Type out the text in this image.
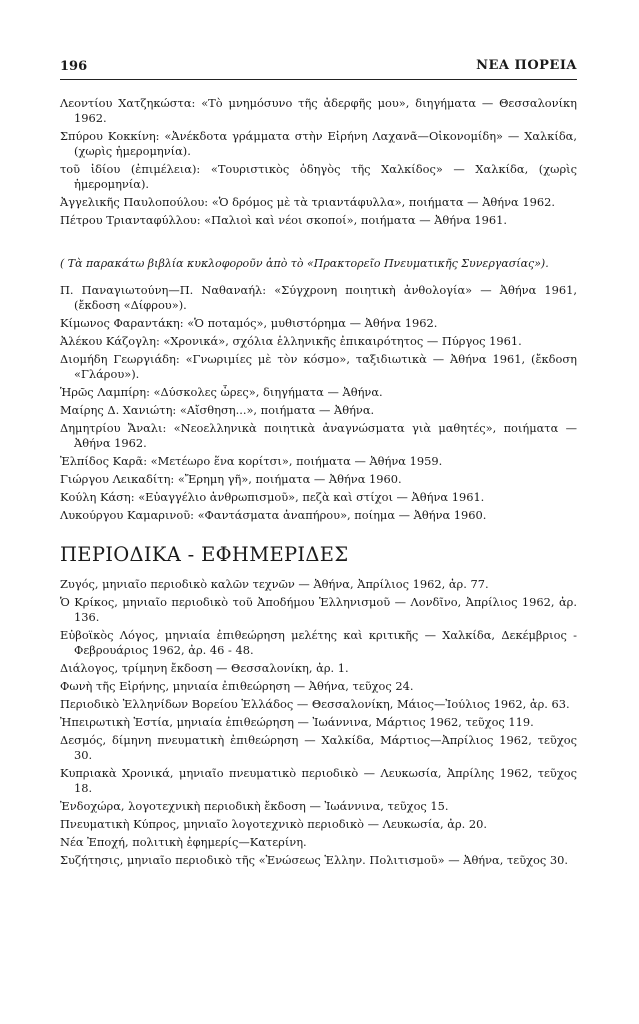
196	ΝΕΑ ΠΟΡΕΙΑ

Λεοντίου Χατζηκώστα: «Τὸ μνημόσυνο τῆς ἀδερφῆς μου», διηγήματα — Θεσσαλονίκη 1962.

Σπύρου Κοκκίνη: «Ἀνέκδοτα γράμματα στὴν Εἰρήνη Λαχανᾶ—Οἰκονομίδη» — Χαλκίδα, (χωρὶς ἡμερομηνία).

τοῦ ἰδίου (ἐπιμέλεια): «Τουριστικὸς ὁδηγὸς τῆς Χαλκίδος» — Χαλκίδα, (χωρὶς ἡμερομηνία).

Ἀγγελικῆς Παυλοπούλου: «Ὁ δρόμος μὲ τὰ τριαντάφυλλα», ποιήματα — Ἀθήνα 1962.

Πέτρου Τριανταφύλλου: «Παλιοὶ καὶ νέοι σκοποί», ποιήματα — Ἀθήνα 1961.

( Τὰ παρακάτω βιβλία κυκλοφοροῦν ἀπὸ τὸ «Πρακτορεῖο Πνευματικῆς Συνεργασίας»).

Π. Παναγιωτούνη—Π. Ναθαναήλ: «Σύγχρονη ποιητικὴ ἀνθολογία» — Ἀθήνα 1961, (ἔκδοση «Δίφρου»).

Κίμωνος Φαραντάκη: «Ὁ ποταμός», μυθιστόρημα — Ἀθήνα 1962.

Ἀλέκου Κάζογλη: «Χρονικά», σχόλια ἑλληνικῆς ἐπικαιρότητος — Πύργος 1961.

Διομήδη Γεωργιάδη: «Γνωριμίες μὲ τὸν κόσμο», ταξιδιωτικὰ — Ἀθήνα 1961, (ἔκδοση «Γλάρου»).

Ἡρῶς Λαμπίρη: «Δύσκολες ὧρες», διηγήματα — Ἀθήνα.

Μαίρης Δ. Χανιώτη: «Αἴσθηση...», ποιήματα — Ἀθήνα.

Δημητρίου Ἄναλι: «Νεοελληνικὰ ποιητικὰ ἀναγνώσματα γιὰ μαθητές», ποιήματα — Ἀθήνα 1962.

Ἐλπίδος Καρᾶ: «Μετέωρο ἕνα κορίτσι», ποιήματα — Ἀθήνα 1959.

Γιώργου Λεικαδίτη: «Ἔρημη γῆ», ποιήματα — Ἀθήνα 1960.

Κούλη Κάση: «Εὐαγγέλιο ἀνθρωπισμοῦ», πεζὰ καὶ στίχοι — Ἀθήνα 1961.

Λυκούργου Καμαρινοῦ: «Φαντάσματα ἀναπήρου», ποίημα — Ἀθήνα 1960.

ΠΕΡΙΟΔΙΚΑ - ΕΦΗΜΕΡΙΔΕΣ

Ζυγός, μηνιαῖο περιοδικὸ καλῶν τεχνῶν — Ἀθήνα, Ἀπρίλιος 1962, ἀρ. 77.

Ὁ Κρίκος, μηνιαῖο περιοδικὸ τοῦ Ἀποδήμου Ἑλληνισμοῦ — Λονδῖνο, Ἀπρίλιος 1962, ἀρ. 136.

Εὐβοϊκὸς Λόγος, μηνιαία ἐπιθεώρηση μελέτης καὶ κριτικῆς — Χαλκίδα, Δεκέμβριος - Φεβρουάριος 1962, ἀρ. 46 - 48.

Διάλογος, τρίμηνη ἔκδοση — Θεσσαλονίκη, ἀρ. 1.

Φωνὴ τῆς Εἰρήνης, μηνιαία ἐπιθεώρηση — Ἀθήνα, τεῦχος 24.

Περιοδικὸ Ἑλληνίδων Βορείου Ἑλλάδος — Θεσσαλονίκη, Μάιος—Ἰούλιος 1962, ἀρ. 63.

Ἠπειρωτικὴ Ἑστία, μηνιαία ἐπιθεώρηση — Ἰωάννινα, Μάρτιος 1962, τεῦχος 119.

Δεσμός, δίμηνη πνευματικὴ ἐπιθεώρηση — Χαλκίδα, Μάρτιος—Ἀπρίλιος 1962, τεῦχος 30.

Κυπριακὰ Χρονικά, μηνιαῖο πνευματικὸ περιοδικὸ — Λευκωσία, Ἀπρίλης 1962, τεῦχος 18.

Ἐνδοχώρα, λογοτεχνικὴ περιοδικὴ ἔκδοση — Ἰωάννινα, τεῦχος 15.

Πνευματικὴ Κύπρος, μηνιαῖο λογοτεχνικὸ περιοδικὸ — Λευκωσία, ἀρ. 20.

Νέα Ἐποχή, πολιτικὴ ἐφημερίς—Κατερίνη.

Συζήτησις, μηνιαῖο περιοδικὸ τῆς «Ἑνώσεως Ἑλλην. Πολιτισμοῦ» — Ἀθήνα, τεῦχος 30.
